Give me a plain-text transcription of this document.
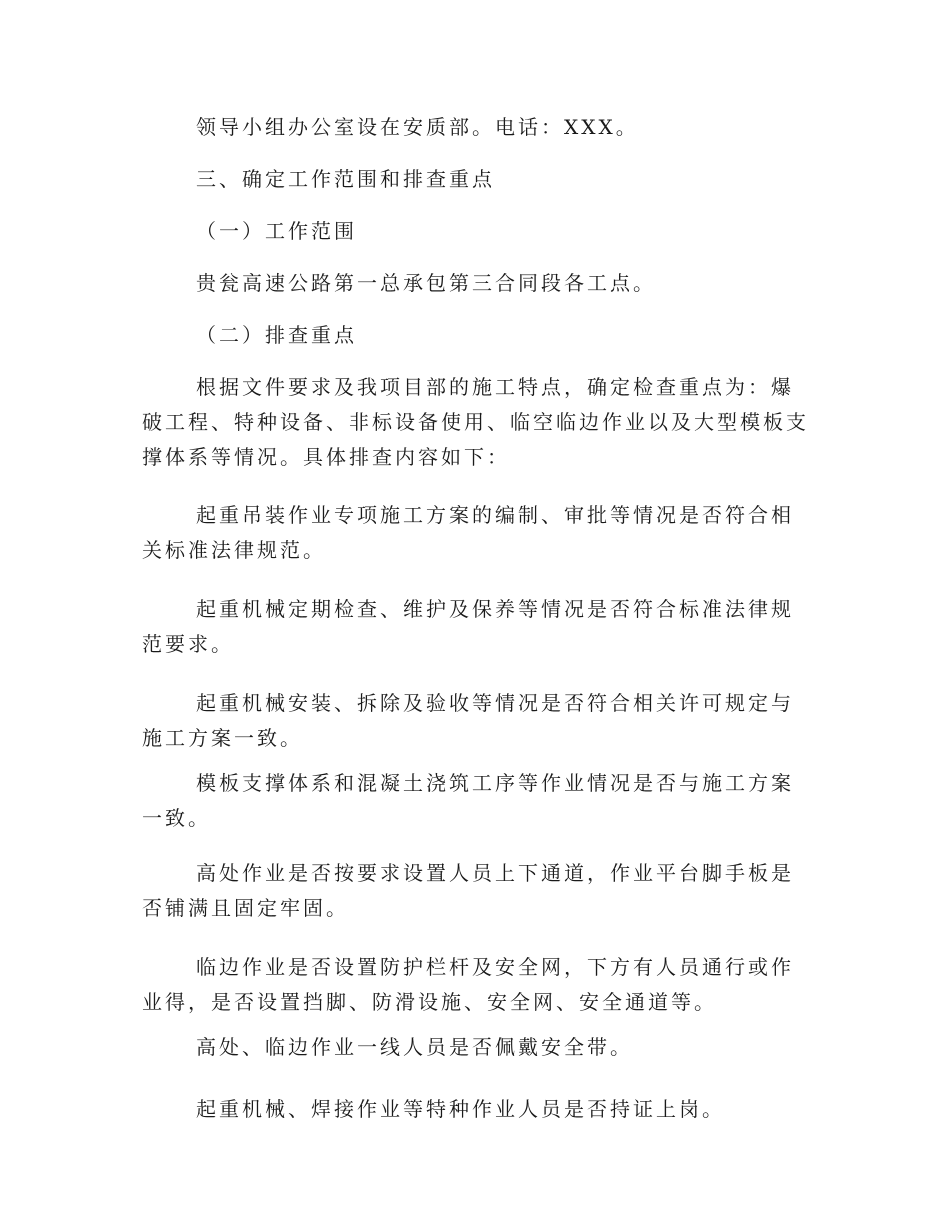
领导小组办公室设在安质部。电话：XXX。

三、确定工作范围和排查重点

（一）工作范围

贵瓮高速公路第一总承包第三合同段各工点。

（二）排查重点

根据文件要求及我项目部的施工特点，确定检查重点为：爆破工程、特种设备、非标设备使用、临空临边作业以及大型模板支撑体系等情况。具体排查内容如下：

起重吊装作业专项施工方案的编制、审批等情况是否符合相关标准法律规范。

起重机械定期检查、维护及保养等情况是否符合标准法律规范要求。

起重机械安装、拆除及验收等情况是否符合相关许可规定与施工方案一致。

模板支撑体系和混凝土浇筑工序等作业情况是否与施工方案一致。

高处作业是否按要求设置人员上下通道，作业平台脚手板是否铺满且固定牢固。

临边作业是否设置防护栏杆及安全网，下方有人员通行或作业得，是否设置挡脚、防滑设施、安全网、安全通道等。

高处、临边作业一线人员是否佩戴安全带。

起重机械、焊接作业等特种作业人员是否持证上岗。
